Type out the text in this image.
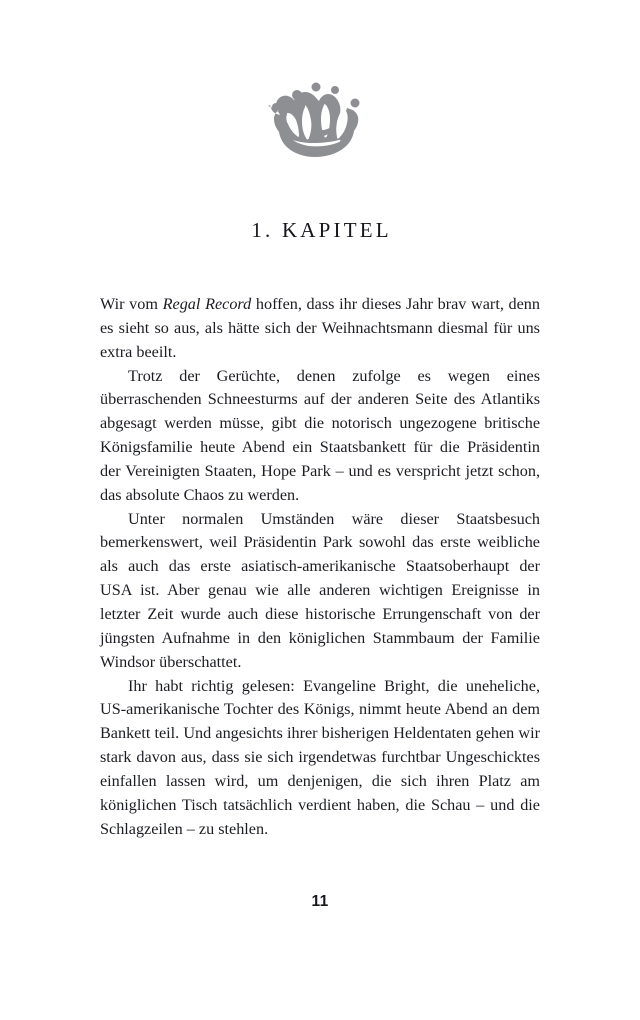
1. KAPITEL

Wir vom Regal Record hoffen, dass ihr dieses Jahr brav wart, denn es sieht so aus, als hätte sich der Weihnachtsmann diesmal für uns extra beeilt.

Trotz der Gerüchte, denen zufolge es wegen eines überraschenden Schneesturms auf der anderen Seite des Atlantiks abgesagt werden müsse, gibt die notorisch ungezogene britische Königsfamilie heute Abend ein Staatsbankett für die Präsidentin der Vereinigten Staaten, Hope Park – und es verspricht jetzt schon, das absolute Chaos zu werden.

Unter normalen Umständen wäre dieser Staatsbesuch bemerkenswert, weil Präsidentin Park sowohl das erste weibliche als auch das erste asiatisch-amerikanische Staatsoberhaupt der USA ist. Aber genau wie alle anderen wichtigen Ereignisse in letzter Zeit wurde auch diese historische Errungenschaft von der jüngsten Aufnahme in den königlichen Stammbaum der Familie Windsor überschattet.

Ihr habt richtig gelesen: Evangeline Bright, die uneheliche, US-amerikanische Tochter des Königs, nimmt heute Abend an dem Bankett teil. Und angesichts ihrer bisherigen Heldentaten gehen wir stark davon aus, dass sie sich irgendetwas furchtbar Ungeschicktes einfallen lassen wird, um denjenigen, die sich ihren Platz am königlichen Tisch tatsächlich verdient haben, die Schau – und die Schlagzeilen – zu stehlen.

11
